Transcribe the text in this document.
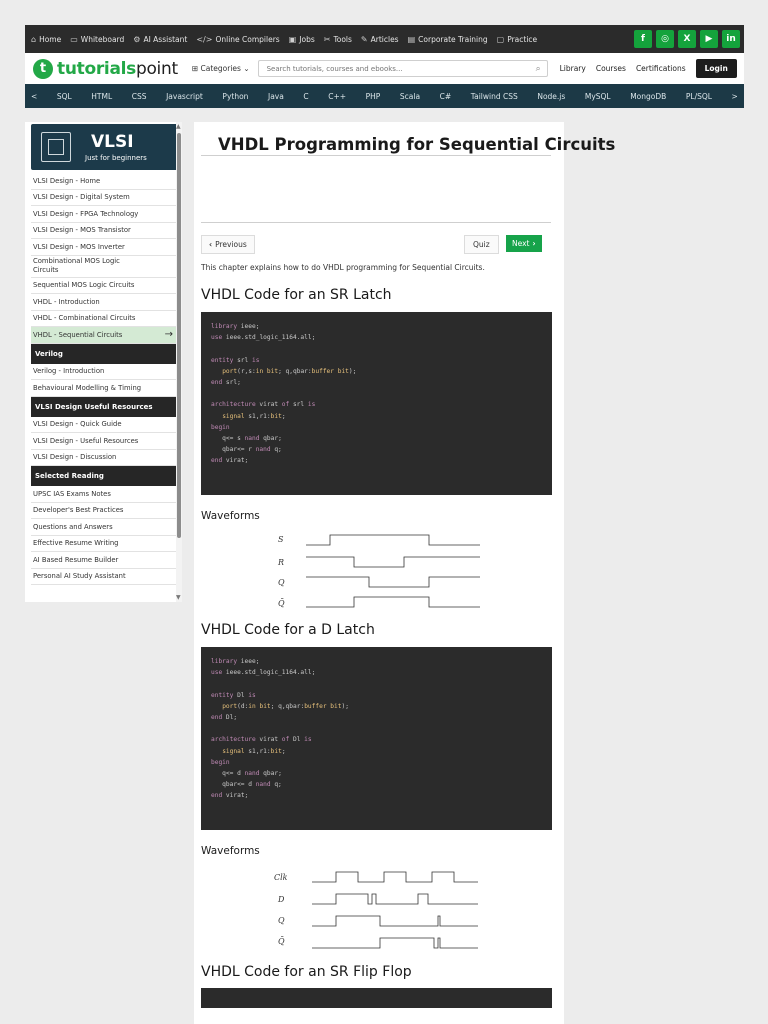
⌂ Home ▭ Whiteboard ⚙ AI Assistant </> Online Compilers ▣ Jobs ✂ Tools ✎ Articles ▤ Corporate Training ▢ Practice	f	◎	X	▶	in
t tutorialspoint ⊞ Categories ⌄
Search tutorials, courses and ebooks...	⌕	Library Courses Certifications	Login
<	SQL	HTML	CSS	Javascript	Python	Java	C	C++	PHP	Scala	C#	Tailwind CSS	Node.js	MySQL	MongoDB	PL/SQL	>
VLSI
Just for beginners
VLSI Design - Home
VLSI Design - Digital System
VLSI Design - FPGA Technology
VLSI Design - MOS Transistor
VLSI Design - MOS Inverter
Combinational MOS Logic Circuits
Sequential MOS Logic Circuits
VHDL - Introduction
VHDL - Combinational Circuits
VHDL - Sequential Circuits	→
Verilog
Verilog - Introduction
Behavioural Modelling & Timing
VLSI Design Useful Resources
VLSI Design - Quick Guide
VLSI Design - Useful Resources
VLSI Design - Discussion
Selected Reading
UPSC IAS Exams Notes
Developer's Best Practices
Questions and Answers
Effective Resume Writing
AI Based Resume Builder
Personal AI Study Assistant
▲
▼
VHDL Programming for Sequential Circuits
‹ Previous	Quiz	Next ›
This chapter explains how to do VHDL programming for Sequential Circuits.
VHDL Code for an SR Latch
library ieee;
use ieee.std_logic_1164.all;

entity srl is
port(r,s:in bit; q,qbar:buffer bit);
end srl;

architecture virat of srl is
signal s1,r1:bit;
begin
q<= s nand qbar;
qbar<= r nand q;
end virat;
Waveforms
S
R
Q
Q̄
VHDL Code for a D Latch
library ieee;
use ieee.std_logic_1164.all;

entity Dl is
port(d:in bit; q,qbar:buffer bit);
end Dl;

architecture virat of Dl is
signal s1,r1:bit;
begin
q<= d nand qbar;
qbar<= d nand q;
end virat;
Waveforms
Clk
D
Q
Q̄
VHDL Code for an SR Flip Flop
